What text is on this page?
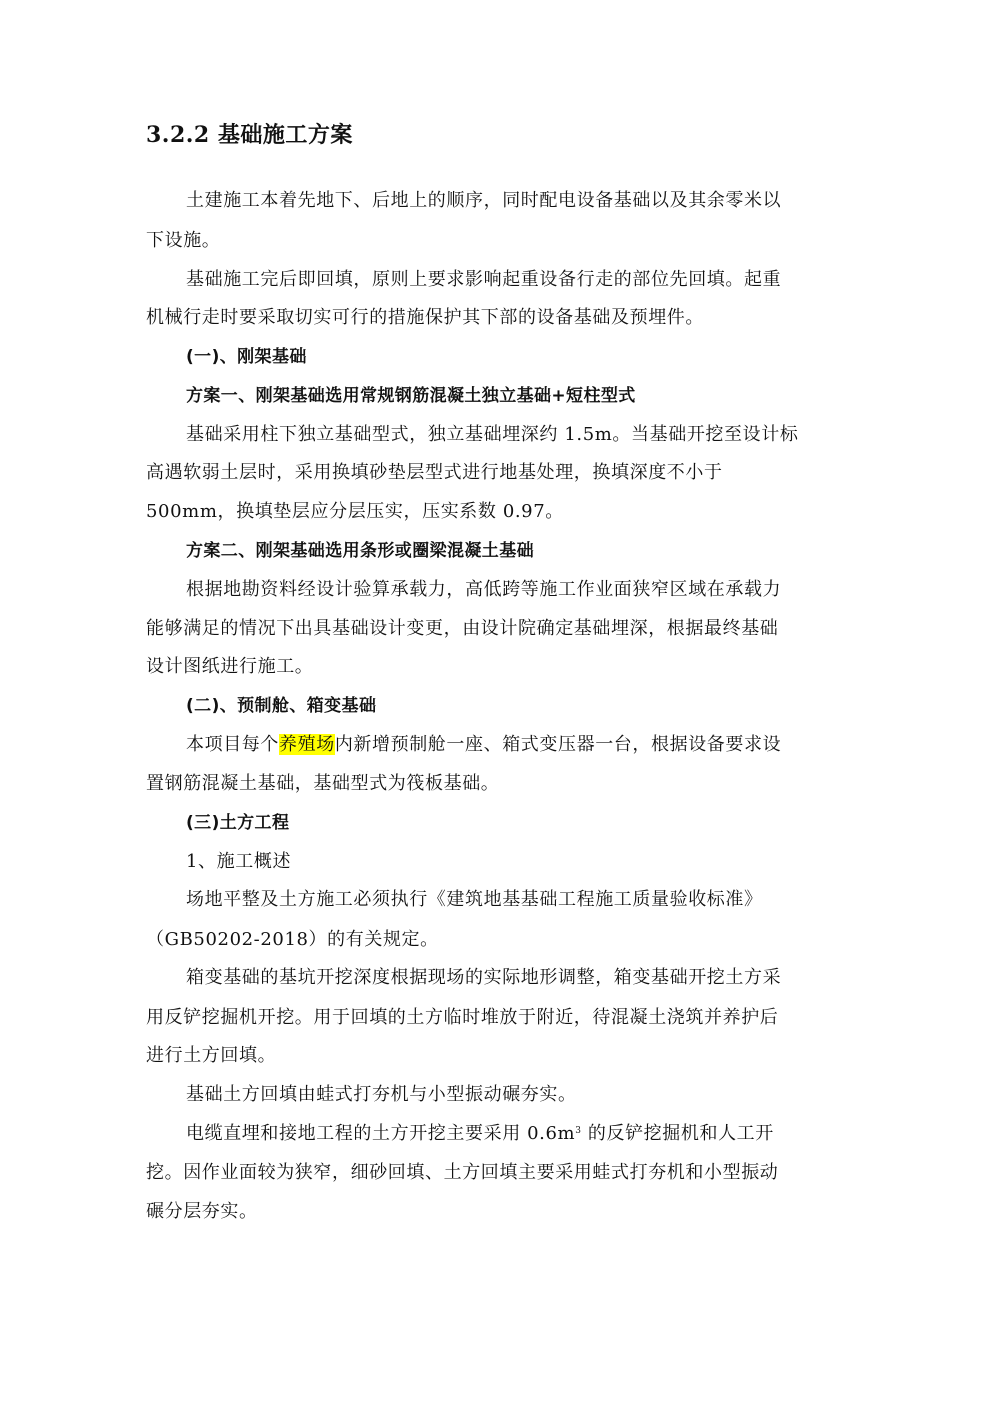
3.2.2 基础施工方案
土建施工本着先地下、后地上的顺序，同时配电设备基础以及其余零米以
下设施。
基础施工完后即回填，原则上要求影响起重设备行走的部位先回填。起重
机械行走时要采取切实可行的措施保护其下部的设备基础及预埋件。
(一)、刚架基础
方案一、刚架基础选用常规钢筋混凝土独立基础+短柱型式
基础采用柱下独立基础型式，独立基础埋深约 1.5m。当基础开挖至设计标
高遇软弱土层时，采用换填砂垫层型式进行地基处理，换填深度不小于
500mm，换填垫层应分层压实，压实系数 0.97。
方案二、刚架基础选用条形或圈梁混凝土基础
根据地勘资料经设计验算承载力，高低跨等施工作业面狭窄区域在承载力
能够满足的情况下出具基础设计变更，由设计院确定基础埋深，根据最终基础
设计图纸进行施工。
(二)、预制舱、箱变基础
本项目每个养殖场内新增预制舱一座、箱式变压器一台，根据设备要求设
置钢筋混凝土基础，基础型式为筏板基础。
(三)土方工程
1、施工概述
场地平整及土方施工必须执行《建筑地基基础工程施工质量验收标准》
（GB50202-2018）的有关规定。
箱变基础的基坑开挖深度根据现场的实际地形调整，箱变基础开挖土方采
用反铲挖掘机开挖。用于回填的土方临时堆放于附近，待混凝土浇筑并养护后
进行土方回填。
基础土方回填由蛙式打夯机与小型振动碾夯实。
电缆直埋和接地工程的土方开挖主要采用 $0.6m^3$ 的反铲挖掘机和人工开
挖。因作业面较为狭窄，细砂回填、土方回填主要采用蛙式打夯机和小型振动
碾分层夯实。
